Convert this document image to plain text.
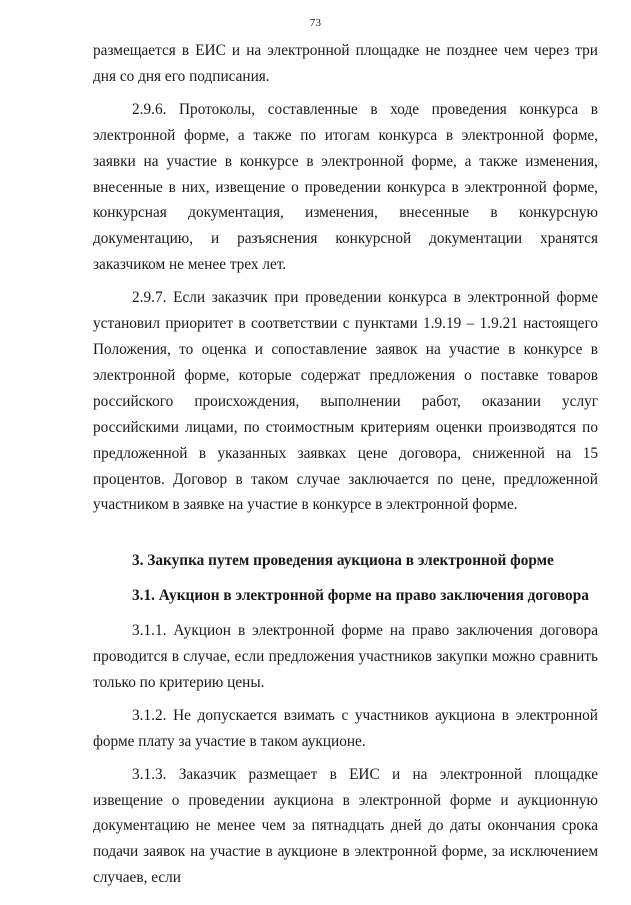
73

размещается в ЕИС и на электронной площадке не позднее чем через три дня со дня его подписания.

2.9.6. Протоколы, составленные в ходе проведения конкурса в электронной форме, а также по итогам конкурса в электронной форме, заявки на участие в конкурсе в электронной форме, а также изменения, внесенные в них, извещение о проведении конкурса в электронной форме, конкурсная документация, изменения, внесенные в конкурсную документацию, и разъяснения конкурсной документации хранятся заказчиком не менее трех лет.

2.9.7. Если заказчик при проведении конкурса в электронной форме установил приоритет в соответствии с пунктами 1.9.19 – 1.9.21 настоящего Положения, то оценка и сопоставление заявок на участие в конкурсе в электронной форме, которые содержат предложения о поставке товаров российского происхождения, выполнении работ, оказании услуг российскими лицами, по стоимостным критериям оценки производятся по предложенной в указанных заявках цене договора, сниженной на 15 процентов. Договор в таком случае заключается по цене, предложенной участником в заявке на участие в конкурсе в электронной форме.

3. Закупка путем проведения аукциона в электронной форме

3.1. Аукцион в электронной форме на право заключения договора

3.1.1. Аукцион в электронной форме на право заключения договора проводится в случае, если предложения участников закупки можно сравнить только по критерию цены.

3.1.2. Не допускается взимать с участников аукциона в электронной форме плату за участие в таком аукционе.

3.1.3. Заказчик размещает в ЕИС и на электронной площадке извещение о проведении аукциона в электронной форме и аукционную документацию не менее чем за пятнадцать дней до даты окончания срока подачи заявок на участие в аукционе в электронной форме, за исключением случаев, если
